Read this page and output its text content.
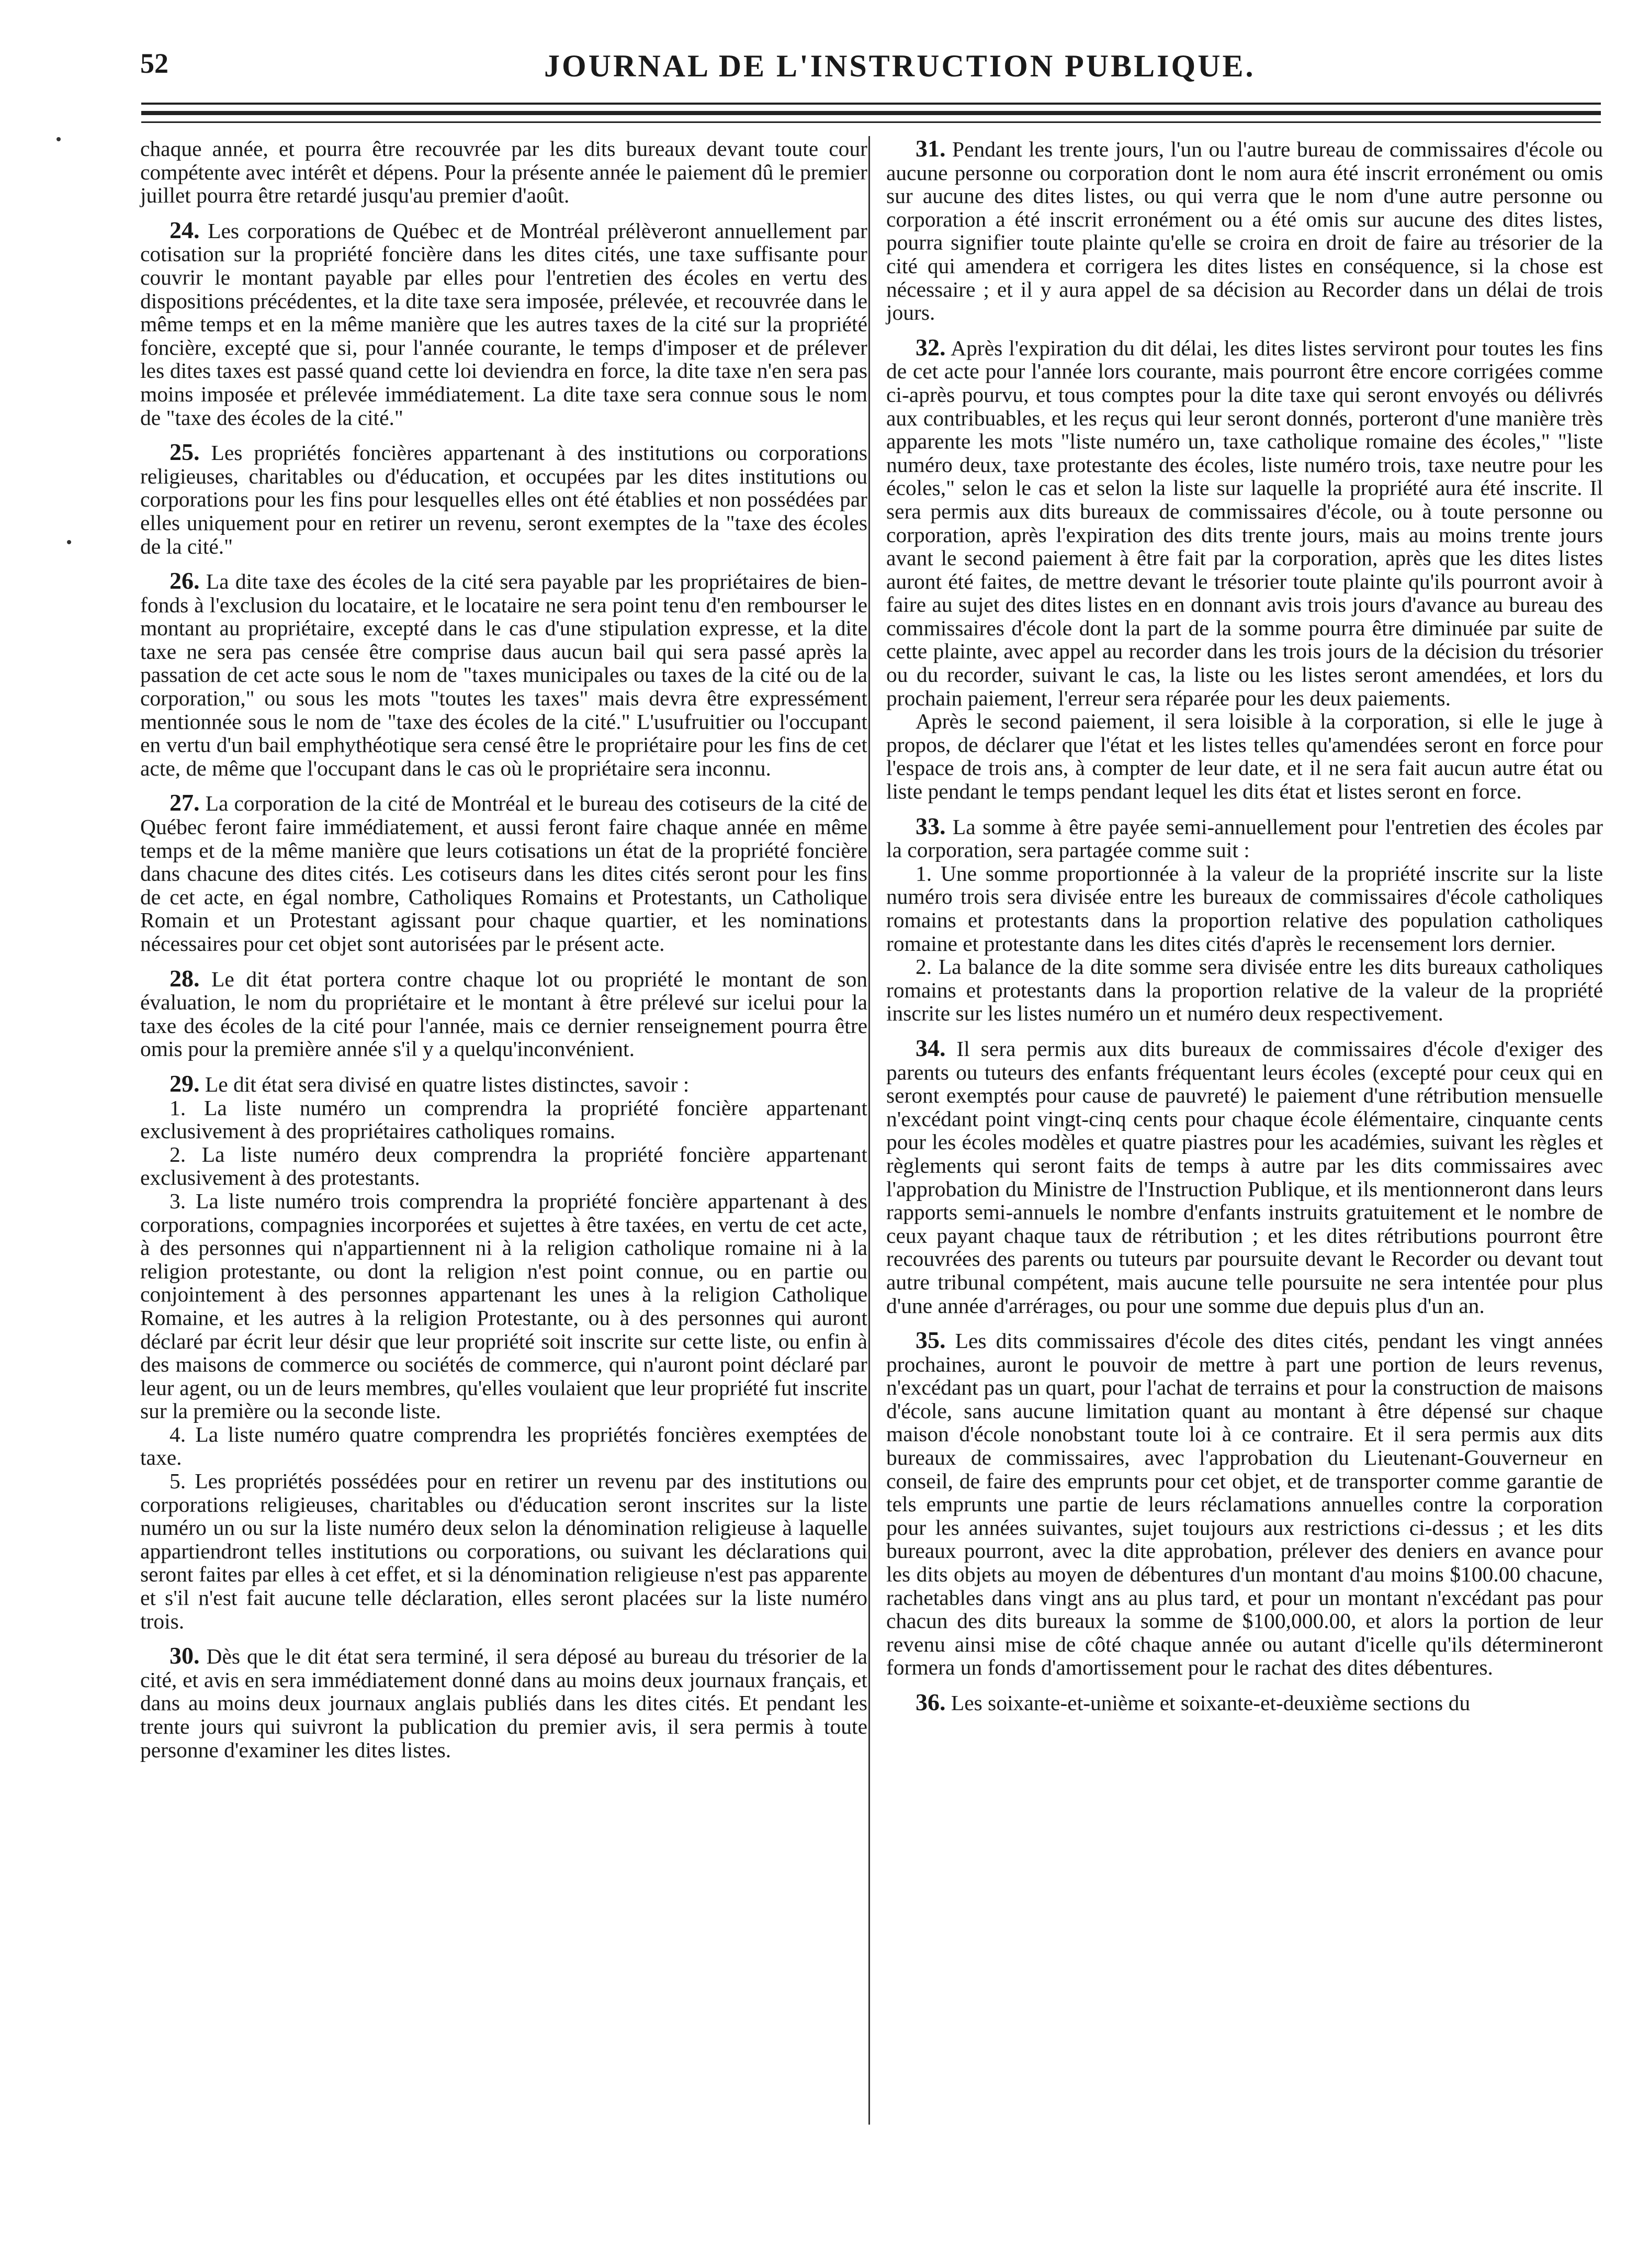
52	JOURNAL DE L'INSTRUCTION PUBLIQUE.

chaque année, et pourra être recouvrée par les dits bureaux devant toute cour compétente avec intérêt et dépens. Pour la présente année le paiement dû le premier juillet pourra être retardé jusqu'au premier d'août.

24. Les corporations de Québec et de Montréal prélèveront annuellement par cotisation sur la propriété foncière dans les dites cités, une taxe suffisante pour couvrir le montant payable par elles pour l'entretien des écoles en vertu des dispositions précédentes, et la dite taxe sera imposée, prélevée, et recouvrée dans le même temps et en la même manière que les autres taxes de la cité sur la propriété foncière, excepté que si, pour l'année courante, le temps d'imposer et de prélever les dites taxes est passé quand cette loi deviendra en force, la dite taxe n'en sera pas moins imposée et prélevée immédiatement. La dite taxe sera connue sous le nom de "taxe des écoles de la cité."

25. Les propriétés foncières appartenant à des institutions ou corporations religieuses, charitables ou d'éducation, et occupées par les dites institutions ou corporations pour les fins pour lesquelles elles ont été établies et non possédées par elles uniquement pour en retirer un revenu, seront exemptes de la "taxe des écoles de la cité."

26. La dite taxe des écoles de la cité sera payable par les propriétaires de bien-fonds à l'exclusion du locataire, et le locataire ne sera point tenu d'en rembourser le montant au propriétaire, excepté dans le cas d'une stipulation expresse, et la dite taxe ne sera pas censée être comprise daus aucun bail qui sera passé après la passation de cet acte sous le nom de "taxes municipales ou taxes de la cité ou de la corporation," ou sous les mots "toutes les taxes" mais devra être expressément mentionnée sous le nom de "taxe des écoles de la cité." L'usufruitier ou l'occupant en vertu d'un bail emphythéotique sera censé être le propriétaire pour les fins de cet acte, de même que l'occupant dans le cas où le propriétaire sera inconnu.

27. La corporation de la cité de Montréal et le bureau des cotiseurs de la cité de Québec feront faire immédiatement, et aussi feront faire chaque année en même temps et de la même manière que leurs cotisations un état de la propriété foncière dans chacune des dites cités. Les cotiseurs dans les dites cités seront pour les fins de cet acte, en égal nombre, Catholiques Romains et Protestants, un Catholique Romain et un Protestant agissant pour chaque quartier, et les nominations nécessaires pour cet objet sont autorisées par le présent acte.

28. Le dit état portera contre chaque lot ou propriété le montant de son évaluation, le nom du propriétaire et le montant à être prélevé sur icelui pour la taxe des écoles de la cité pour l'année, mais ce dernier renseignement pourra être omis pour la première année s'il y a quelqu'inconvénient.

29. Le dit état sera divisé en quatre listes distinctes, savoir :

1. La liste numéro un comprendra la propriété foncière appartenant exclusivement à des propriétaires catholiques romains.

2. La liste numéro deux comprendra la propriété foncière appartenant exclusivement à des protestants.

3. La liste numéro trois comprendra la propriété foncière appartenant à des corporations, compagnies incorporées et sujettes à être taxées, en vertu de cet acte, à des personnes qui n'appartiennent ni à la religion catholique romaine ni à la religion protestante, ou dont la religion n'est point connue, ou en partie ou conjointement à des personnes appartenant les unes à la religion Catholique Romaine, et les autres à la religion Protestante, ou à des personnes qui auront déclaré par écrit leur désir que leur propriété soit inscrite sur cette liste, ou enfin à des maisons de commerce ou sociétés de commerce, qui n'auront point déclaré par leur agent, ou un de leurs membres, qu'elles voulaient que leur propriété fut inscrite sur la première ou la seconde liste.

4. La liste numéro quatre comprendra les propriétés foncières exemptées de taxe.

5. Les propriétés possédées pour en retirer un revenu par des institutions ou corporations religieuses, charitables ou d'éducation seront inscrites sur la liste numéro un ou sur la liste numéro deux selon la dénomination religieuse à laquelle appartiendront telles institutions ou corporations, ou suivant les déclarations qui seront faites par elles à cet effet, et si la dénomination religieuse n'est pas apparente et s'il n'est fait aucune telle déclaration, elles seront placées sur la liste numéro trois.

30. Dès que le dit état sera terminé, il sera déposé au bureau du trésorier de la cité, et avis en sera immédiatement donné dans au moins deux journaux français, et dans au moins deux journaux anglais publiés dans les dites cités. Et pendant les trente jours qui suivront la publication du premier avis, il sera permis à toute personne d'examiner les dites listes.

31. Pendant les trente jours, l'un ou l'autre bureau de commissaires d'école ou aucune personne ou corporation dont le nom aura été inscrit erronément ou omis sur aucune des dites listes, ou qui verra que le nom d'une autre personne ou corporation a été inscrit erronément ou a été omis sur aucune des dites listes, pourra signifier toute plainte qu'elle se croira en droit de faire au trésorier de la cité qui amendera et corrigera les dites listes en conséquence, si la chose est nécessaire ; et il y aura appel de sa décision au Recorder dans un délai de trois jours.

32. Après l'expiration du dit délai, les dites listes serviront pour toutes les fins de cet acte pour l'année lors courante, mais pourront être encore corrigées comme ci-après pourvu, et tous comptes pour la dite taxe qui seront envoyés ou délivrés aux contribuables, et les reçus qui leur seront donnés, porteront d'une manière très apparente les mots "liste numéro un, taxe catholique romaine des écoles," "liste numéro deux, taxe protestante des écoles, liste numéro trois, taxe neutre pour les écoles," selon le cas et selon la liste sur laquelle la propriété aura été inscrite. Il sera permis aux dits bureaux de commissaires d'école, ou à toute personne ou corporation, après l'expiration des dits trente jours, mais au moins trente jours avant le second paiement à être fait par la corporation, après que les dites listes auront été faites, de mettre devant le trésorier toute plainte qu'ils pourront avoir à faire au sujet des dites listes en en donnant avis trois jours d'avance au bureau des commissaires d'école dont la part de la somme pourra être diminuée par suite de cette plainte, avec appel au recorder dans les trois jours de la décision du trésorier ou du recorder, suivant le cas, la liste ou les listes seront amendées, et lors du prochain paiement, l'erreur sera réparée pour les deux paiements.

Après le second paiement, il sera loisible à la corporation, si elle le juge à propos, de déclarer que l'état et les listes telles qu'amendées seront en force pour l'espace de trois ans, à compter de leur date, et il ne sera fait aucun autre état ou liste pendant le temps pendant lequel les dits état et listes seront en force.

33. La somme à être payée semi-annuellement pour l'entretien des écoles par la corporation, sera partagée comme suit :

1. Une somme proportionnée à la valeur de la propriété inscrite sur la liste numéro trois sera divisée entre les bureaux de commissaires d'école catholiques romains et protestants dans la proportion relative des population catholiques romaine et protestante dans les dites cités d'après le recensement lors dernier.

2. La balance de la dite somme sera divisée entre les dits bureaux catholiques romains et protestants dans la proportion relative de la valeur de la propriété inscrite sur les listes numéro un et numéro deux respectivement.

34. Il sera permis aux dits bureaux de commissaires d'école d'exiger des parents ou tuteurs des enfants fréquentant leurs écoles (excepté pour ceux qui en seront exemptés pour cause de pauvreté) le paiement d'une rétribution mensuelle n'excédant point vingt-cinq cents pour chaque école élémentaire, cinquante cents pour les écoles modèles et quatre piastres pour les académies, suivant les règles et règlements qui seront faits de temps à autre par les dits commissaires avec l'approbation du Ministre de l'Instruction Publique, et ils mentionneront dans leurs rapports semi-annuels le nombre d'enfants instruits gratuitement et le nombre de ceux payant chaque taux de rétribution ; et les dites rétributions pourront être recouvrées des parents ou tuteurs par poursuite devant le Recorder ou devant tout autre tribunal compétent, mais aucune telle poursuite ne sera intentée pour plus d'une année d'arrérages, ou pour une somme due depuis plus d'un an.

35. Les dits commissaires d'école des dites cités, pendant les vingt années prochaines, auront le pouvoir de mettre à part une portion de leurs revenus, n'excédant pas un quart, pour l'achat de terrains et pour la construction de maisons d'école, sans aucune limitation quant au montant à être dépensé sur chaque maison d'école nonobstant toute loi à ce contraire. Et il sera permis aux dits bureaux de commissaires, avec l'approbation du Lieutenant-Gouverneur en conseil, de faire des emprunts pour cet objet, et de transporter comme garantie de tels emprunts une partie de leurs réclamations annuelles contre la corporation pour les années suivantes, sujet toujours aux restrictions ci-dessus ; et les dits bureaux pourront, avec la dite approbation, prélever des deniers en avance pour les dits objets au moyen de débentures d'un montant d'au moins $100.00 chacune, rachetables dans vingt ans au plus tard, et pour un montant n'excédant pas pour chacun des dits bureaux la somme de $100,000.00, et alors la portion de leur revenu ainsi mise de côté chaque année ou autant d'icelle qu'ils détermineront formera un fonds d'amortissement pour le rachat des dites débentures.

36. Les soixante-et-unième et soixante-et-deuxième sections du
